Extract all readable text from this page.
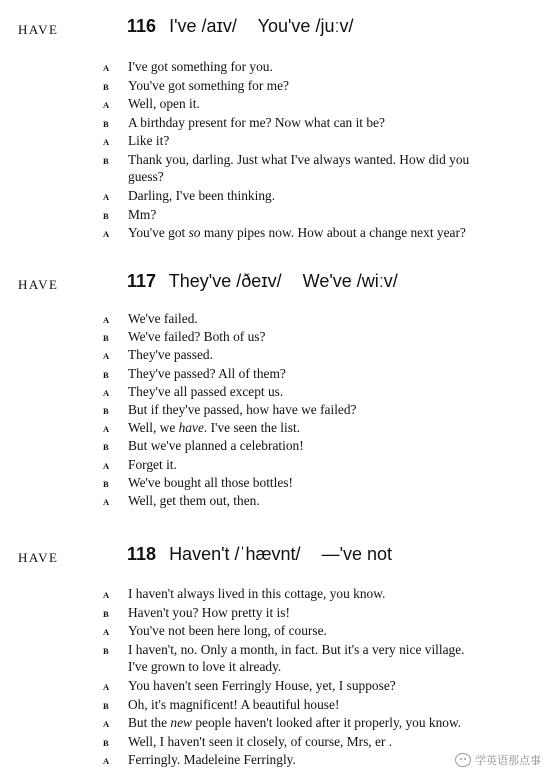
HAVE	116 I've /aɪv/ You've /juːv/
A I've got something for you.
B You've got something for me?
A Well, open it.
B A birthday present for me? Now what can it be?
A Like it?
B Thank you, darling. Just what I've always wanted. How did you
guess?
A Darling, I've been thinking.
B Mm?
A You've got so many pipes now. How about a change next year?
HAVE	117 They've /ðeɪv/ We've /wiːv/
A We've failed.
B We've failed? Both of us?
A They've passed.
B They've passed? All of them?
A They've all passed except us.
B But if they've passed, how have we failed?
A Well, we have. I've seen the list.
B But we've planned a celebration!
A Forget it.
B We've bought all those bottles!
A Well, get them out, then.
HAVE	118 Haven't /ˈhævnt/ —'ve not
A I haven't always lived in this cottage, you know.
B Haven't you? How pretty it is!
A You've not been here long, of course.
B I haven't, no. Only a month, in fact. But it's a very nice village.
I've grown to love it already.
A You haven't seen Ferringly House, yet, I suppose?
B Oh, it's magnificent! A beautiful house!
A But the new people haven't looked after it properly, you know.
B Well, I haven't seen it closely, of course, Mrs, er .
A Ferringly. Madeleine Ferringly.	学英语那点事
